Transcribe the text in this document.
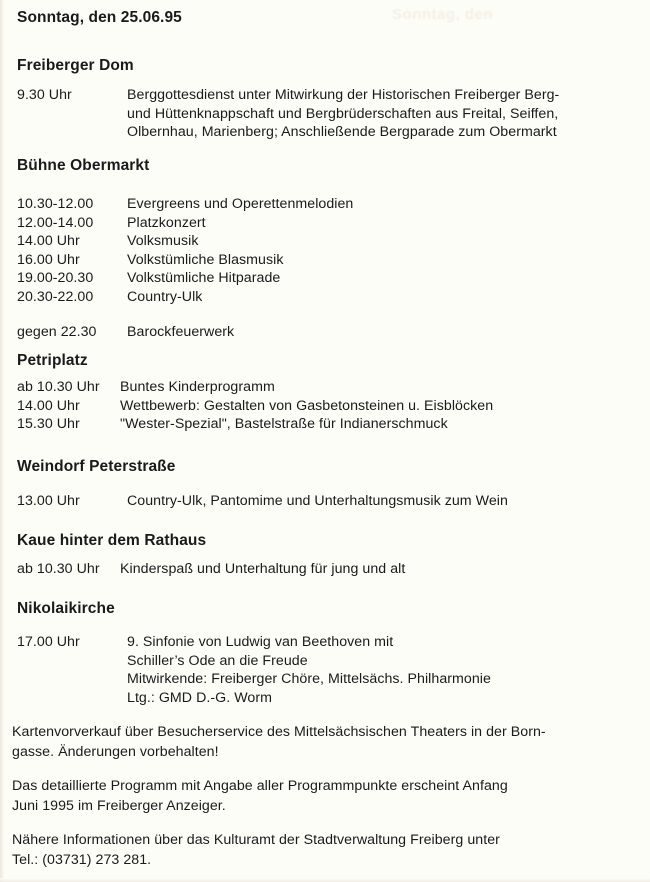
Sonntag, den
Sonntag, den 25.06.95
Freiberger Dom
9.30 Uhr	Berggottesdienst unter Mitwirkung der Historischen Freiberger Berg-
und Hüttenknappschaft und Bergbrüderschaften aus Freital, Seiffen,
Olbernhau, Marienberg; Anschließende Bergparade zum Obermarkt
Bühne Obermarkt
10.30-12.00	Evergreens und Operettenmelodien
12.00-14.00	Platzkonzert
14.00 Uhr	Volksmusik
16.00 Uhr	Volkstümliche Blasmusik
19.00-20.30	Volkstümliche Hitparade
20.30-22.00	Country-Ulk
gegen 22.30	Barockfeuerwerk
Petriplatz
ab 10.30 Uhr	Buntes Kinderprogramm
14.00 Uhr	Wettbewerb: Gestalten von Gasbetonsteinen u. Eisblöcken
15.30 Uhr	"Wester-Spezial", Bastelstraße für Indianerschmuck
Weindorf Peterstraße
13.00 Uhr	Country-Ulk, Pantomime und Unterhaltungsmusik zum Wein
Kaue hinter dem Rathaus
ab 10.30 Uhr	Kinderspaß und Unterhaltung für jung und alt
Nikolaikirche
17.00 Uhr	9. Sinfonie von Ludwig van Beethoven mit
Schiller’s Ode an die Freude
Mitwirkende: Freiberger Chöre, Mittelsächs. Philharmonie
Ltg.: GMD D.-G. Worm
Kartenvorverkauf über Besucherservice des Mittelsächsischen Theaters in der Born-
gasse. Änderungen vorbehalten!
Das detaillierte Programm mit Angabe aller Programmpunkte erscheint Anfang
Juni 1995 im Freiberger Anzeiger.
Nähere Informationen über das Kulturamt der Stadtverwaltung Freiberg unter
Tel.: (03731) 273 281.
